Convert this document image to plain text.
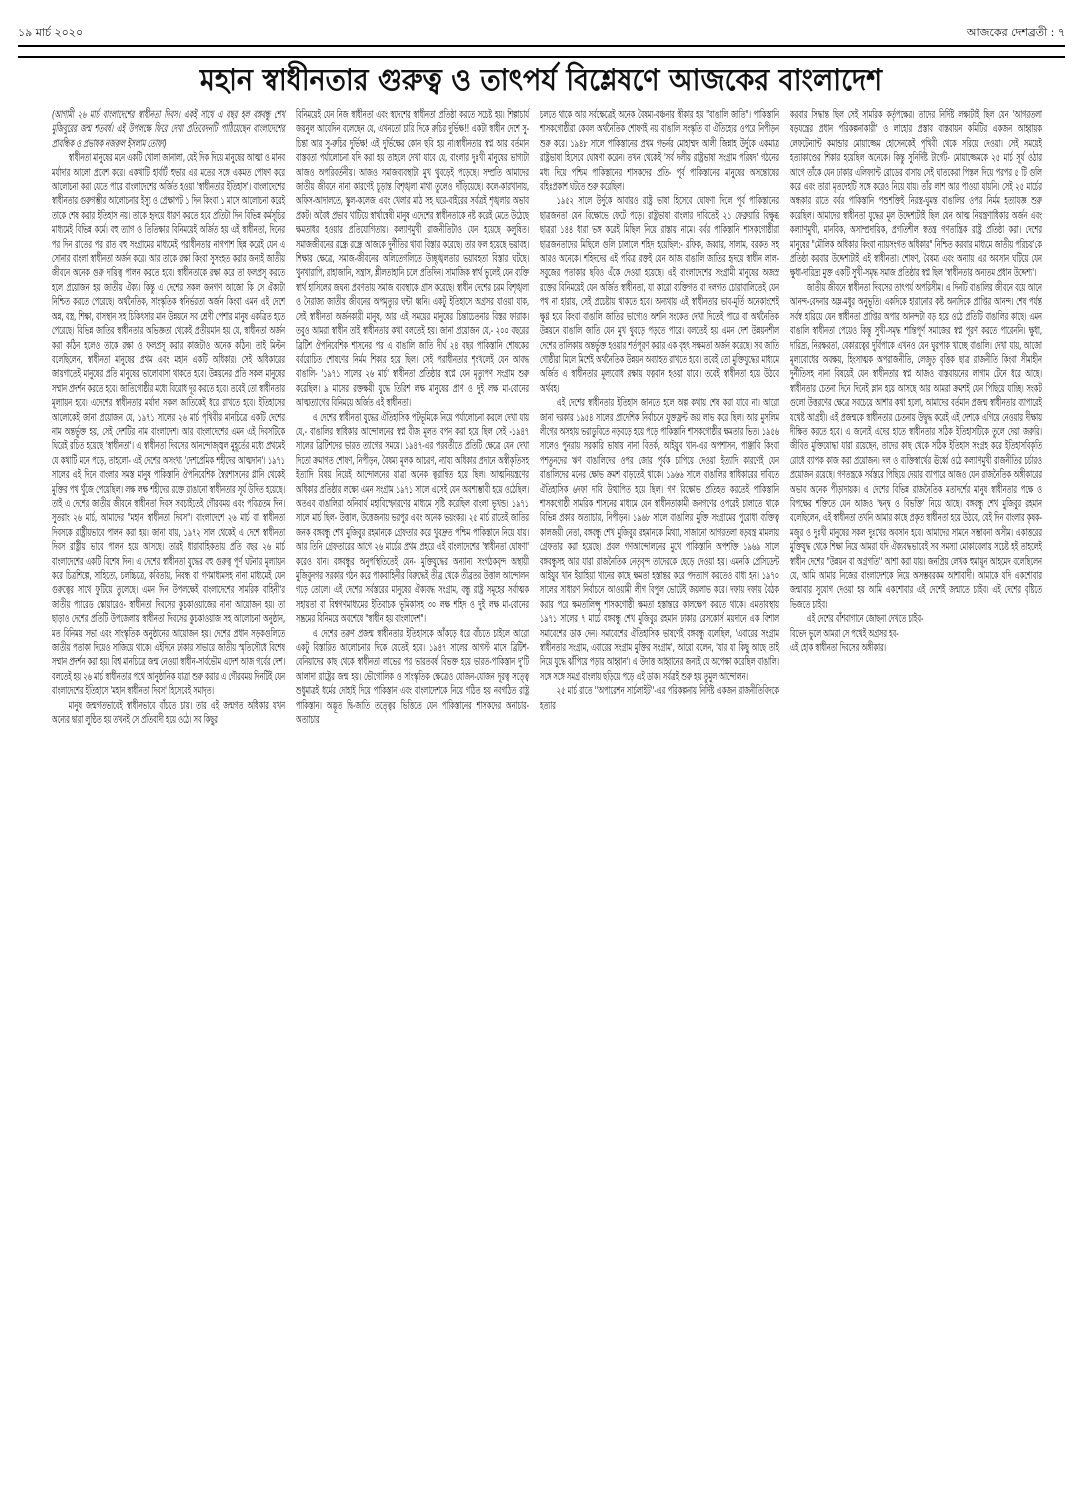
১৯ মার্চ ২০২০	আজকের দেশব্রতী : ৭
মহান স্বাধীনতার গুরুত্ব ও তাৎপর্য বিশ্লেষণে আজকের বাংলাদেশ

(আগামী ২৬ মার্চ বাংলাদেশের স্বাধীনতা দিবস। একই সাথে এ বছর হল বঙ্গবন্ধু শেখ মুজিবুরের জন্ম শতবর্ষ। এই উপলক্ষে ফিরে দেখা প্রতিবেদনটি পাঠিয়েছেন বাংলাদেশের প্রাবন্ধিক ও প্রভাষক নজরুল ইসলাম তোফা)

স্বাধীনতা মানুষের মনে একটি খোলা জানালা, যেই দিক দিয়ে মানুষের আত্মা ও মানব মর্যাদার আলো প্রবেশ করে। একথাটি হার্বার্ট হুভার এর মতের সঙ্গে একমত পোষণ করে আলোচনা করা যেতে পারে বাংলাদেশের অর্জিত হওয়া 'স্বাধীনতার ইতিহাস'। বাংলাদেশের স্বাধীনতার গুরুগম্ভীর আলোচনার ইস্যু ও প্রেক্ষাপট ১ দিন কিংবা ১ মাসে আলোচনা করেই তাকে শেষ করার ইতিহাস নয়। তাকে হৃদয়ে ধারণ করতে হবে প্রতিটা দিন বিভিন্ন কর্মসূচির মাধ্যমেই বিভিন্ন কর্মে। বহু ত্যাগ ও তিতিক্ষার বিনিময়েই অর্জিত হয় এই স্বাধীনতা, দিনের পর দিন রাতের পর রাত বহু সংগ্রামের মাধ্যমেই পরাধীনতার নাগপাশ ছিন্ন করেই যেন এ সোনার বাংলা স্বাধীনতা অর্জন করে। আর তাকে রক্ষা কিংবা সুসংহত করার জন্যই জাতীয় জীবনে অনেক গুরু দায়িত্ব পালন করতে হবে। স্বাধীনতাকে রক্ষা করে তা ফলপ্রসূ করতে হলে প্রয়োজন হয় জাতীয় ঐক্য। কিন্তু এ দেশের সকল জনগণ আজো কি সে ঐক্যটা নিশ্চিত করতে পেরেছে। অর্থনৈতিক, সাংস্কৃতিক স্বনির্ভরতা অর্জন কিংবা এমন এই দেশে অন্ন, বস্ত্র, শিক্ষা, বাসস্থান সহ চিকিৎসার মান উন্নয়নে সব শ্রেণী পেশার মানুষ একত্রিত হতে পেরেছে। বিভিন্ন জাতির স্বাধীনতার অভিজ্ঞতা থেকেই প্রতীয়মান হয় যে, স্বাধীনতা অর্জন করা কঠিন হলেও তাকে রক্ষা ও ফলপ্রসূ করার কাজটাও অনেক কঠিন। তাই মিল্টন বলেছিলেন, স্বাধীনতা মানুষের প্রথম এবং মহান একটি অধিকার। সেই অধিকারের জায়গাতেই মানুষের প্রতি মানুষের ভালোবাসা থাকতে হবে। উন্নয়নের প্রতি সকল মানুষের সম্মান প্রদর্শন করতে হবে। জাতিগোষ্ঠীর মধ্যে বিরোধ দূর করতে হবে। তবেই তো স্বাধীনতার মূল্যায়ন হবে। এদেশের স্বাধীনতার মর্যাদা সকল জাতিকেই ধরে রাখতে হবে। ইতিহাসের আলোকেই জানা প্রয়োজন যে, ১৯৭১ সালের ২৬ মার্চ পৃথিবীর মানচিত্রে একটি দেশের নাম অন্তর্ভুক্ত হয়, সেই দেশটির নাম বাংলাদেশ। আর বাংলাদেশের এমন এই দিবসটিকে ঘিরেই রচিত হয়েছে 'স্বাধীনতা'। এ স্বাধীনতা দিবসের আনন্দোজ্জ্বল মুহূর্তের মধ্যে প্রথমেই যে কথাটি মনে পড়ে, তাহলো- এই দেশের অসংখ্য 'দেশপ্রেমিক শহীদের আত্মদান'। ১৯৭১ সালের এই দিনে বাংলার সমস্ত মানুষ পাকিস্তানি ঔপনিবেশিক স্বৈরশাসনের গ্লানি থেকেই মুক্তির পথ খুঁজে পেয়েছিল। লক্ষ লক্ষ শহীদের রক্তে রাঙানো স্বাধীনতার সূর্য উদিত হয়েছে। তাই এ দেশের জাতীয় জীবনে স্বাধীনতা দিবস সবচাইতেই গৌরবময় এবং পবিত্রতম দিন। সুতরাং ২৬ মার্চ, আমাদের "মহান স্বাধীনতা দিবস"। বাংলাদেশে ২৬ মার্চ বা স্বাধীনতা দিবসকে রাষ্ট্রীয়ভাবে পালন করা হয়। জানা যায়, ১৯৭২ সাল থেকেই এ দেশে স্বাধীনতা দিবস রাষ্ট্রীয় ভাবে পালন হয়ে আসছে। তারই ধারাবাহিকতায় প্রতি বছর ২৬ মার্চ বাংলাদেশের একটি বিশেষ দিন। এ দেশের স্বাধীনতা যুদ্ধের বহু গুরুত্ব পূর্ণ ঘটনার মূল্যায়ন করে চিত্রশিল্পে, সাহিত্যে, চলচ্চিত্রে, কবিতায়, নিবন্ধ বা গণমাধ্যমসহ নানা মাধ্যমেই যেন গুরুত্বের সাথে ফুটিয়ে তুলেছে। এমন দিন উপলক্ষেই বাংলাদেশের সামরিক বাহিনী'র জাতীয় প্যারেড স্কোয়ারেও- স্বাধীনতা দিবসের কুচকাওয়াজের নানা আয়োজন হয়। তা ছাড়াও দেশের প্রতিটি উপজেলায় স্বাধীনতা দিবসের কুচকাওয়াজ সহ আলোচনা অনুষ্ঠান, মত বিনিময় সভা এবং সাংস্কৃতিক অনুষ্ঠানের আয়োজন হয়। দেশের প্রধান সড়কগুলিতে জাতীয় পতাকা দিয়েও সাজিয়ে থাকে। এইদিনে ঢাকার সাভারে জাতীয় স্মৃতিসৌধে বিশেষ সম্মান প্রদর্শন করা হয়। বিশ্ব মানচিত্রে জন্ম নেওয়া স্বাধীন-সার্বভৌম এদেশ আজ গর্বের দেশ। বলতেই হয় ২৬ মার্চ স্বাধীনতার পথে আনুষ্ঠানিক যাত্রা শুরু করার এ গৌরবময় দিনটিই যেন বাংলাদেশের ইতিহাসে 'মহান স্বাধীনতা দিবস' হিসেবেই সমাদৃত।

মানুষ জন্মগতভাবেই স্বাধীনভাবে বাঁচতে চায়। তার এই জন্মগত অধিকার যখন অন্যের দ্বারা লুণ্ঠিত হয় তখনই সে প্রতিবাদী হয়ে ওঠে। সব কিছুর

বিনিময়েই যেন নিজ স্বাধীনতা এবং স্বদেশের স্বাধীনতা প্রতিষ্ঠা করতে সচেষ্ট হয়। শিল্পাচার্য জয়নুল আবেদিন বলেছেন যে, এখনতো চারি দিকে রুচির দুর্ভিক্ষ!! একটা স্বাধীন দেশে সু-চিন্তা আর সু-রুচির দুর্ভিক্ষ! এই দুর্ভিক্ষের কোন ছবি হয় না।স্বাধীনতার স্বপ্ন আর বর্তমান বাস্তবতা পর্যালোচনা যদি করা হয় তাহলে দেখা যাবে যে, বাংলার দুঃখী মানুষের ভাগ্যটা আজও অপরিবর্তনীয়। আজও সমাজব্যবস্থাটা মুখ থুবড়েই পড়েছে। সম্প্রতি আমাদের জাতীয় জীবনে নানা কারণেই চূড়ান্ত বিশৃঙ্খলা মাথা তুলেও দাঁড়িয়েছে। কলে-কারখানায়, অফিস-আদালতে, স্কুল-কলেজ এবং খেলার মাঠ সহ ঘরে-বাইরের সর্বত্রই শৃঙ্খলার অভাব প্রকট। অবৈধ প্রভাব খাটিয়ে স্বার্থান্বেষী মানুষ এদেশের স্বাধীনতাকে নষ্ট করেই মেতে উঠেছে ক্ষমতাধর হওয়ার প্রতিযোগিতায়। কল্যাণমুখী রাজনীতিটাও যেন হয়েছে কলুষিত। সমাজজীবনের রন্ধ্রে রন্ধ্রে আজকে দুর্নীতির থাবা বিস্তার করেছে। তার ফল হয়েছে ভয়াবহ। শিক্ষার ক্ষেত্রে, সমাজ-জীবনের অলিতেগলিতে উচ্ছৃঙ্খলতার ভয়াবহতা বিস্তার ঘটছে। খুনখারাপি, রাহাজানি, সন্ত্রাস, শ্লীলতাহানি চলে প্রতিদিন। সামাজিক স্বার্থ ভুলেই যেন ব্যক্তি স্বার্থ হাসিলের জঘন্য প্রবণতায় সমাজ ব্যবস্থাকে গ্রাস করেছে। স্বাধীন দেশের চরম বিশৃঙ্খলা ও নৈরাজ্য জাতীয় জীবনের অপমৃত্যুর ঘন্টা ধ্বনি। একটু ইতিহাসে অগ্রসর যাওয়া যাক, সেই স্বাধীনতা অর্জনকারী মানুষ, আর এই সময়ের মানুষের চিন্তাচেতনার বিস্তর ফারাক। তবুও আমরা স্বাধীন তাই স্বাধীনতার কথা বলতেই হয়। জানা প্রয়োজন যে,- ২০০ বছরের ব্রিটিশ ঔপনিবেশিক শাসনের পর এ বাঙালি জাতি দীর্ঘ ২৪ বছর পাকিস্তানি শোষকের বর্বরোচিত শোষণের নির্মম শিকার হয়ে ছিল। সেই পরাধীনতার শৃংখলেই যেন আবদ্ধ বাঙালি- '১৯৭১ সালের ২৬ মার্চ' স্বাধীনতা প্রতিষ্ঠার স্বপ্নে যেন মৃত্যুপণ সংগ্রাম শুরু করেছিল। ৯ মাসের রক্তক্ষয়ী যুদ্ধে তিরিশ লক্ষ মানুষের প্রাণ ও দুই লক্ষ মা-বোনের আত্মত্যাগের বিনিময়ে অর্জিত এই স্বাধীনতা।

এ দেশের স্বাধীনতা যুদ্ধের ঐতিহাসিক পটভূমিকে নিয়ে পর্যালোচনা করলে দেখা যায় যে,- বাঙালির স্বাধিকার আন্দোলনের স্বপ্ন বীজ মূলত বপন করা হয়ে ছিল সেই -১৯৪৭ সালের ব্রিটিশদের ভারত ত্যাগের সময়ে। ১৯৪৭-এর পরবর্তীতে প্রতিটি ক্ষেত্রে যেন দেখা দিতো ক্রমাগত শোষণ, নিপীড়ন, বৈষম্য মূলক আচরণ, ন্যায্য অধিকার প্রদানে অস্বীকৃতিসহ ইত্যাদি বিষয় নিয়েই আন্দোলনের যাত্রা অনেক ত্বরান্বিত হয়ে ছিল। আত্মনিয়ন্ত্রণের অধিকার প্রতিষ্ঠার লক্ষ্যে এমন সংগ্রাম ১৯৭১ সালে এসেই যেন অবশ্যম্ভাবী হয়ে ওঠেছিল। অতএব বাঙালিরা অনিবার্য মহাবিস্ফোরণের মাধ্যমে সৃষ্টি করেছিল বাংলা ভূখন্ড। ১৯৭১ সালে মার্চ ছিল- উত্তাল, উত্তেজনায় ভরপুর এবং অনেক ভয়ংকর। ২৫ মার্চ রাতেই জাতির জনক বঙ্গবন্ধু শেখ মুজিবুর রহমানকে গ্রেফতার করে খুবদ্রুত পশ্চিম পাকিস্তানে নিয়ে যায়। আর তিনি গ্রেফতারের আগে ২৬ মার্চের প্রথম প্রহরে এই বাংলাদেশের 'স্বাধীনতা ঘোষণা' করেও যান। বঙ্গবন্ধুর অনুপস্থিতিতেই যেন- মুক্তিযুদ্ধের অন্যান্য সংগঠকবৃন্দ অস্থায়ী মুজিবুনগর সরকার গঠন করে পাকবাহিনীর বিরুদ্ধেই তীব্র থেকে তীব্রতর উত্তাল আন্দোলন গড়ে তোলে। এই দেশের সর্বস্তরের মানুষের ঐক্যবদ্ধ সংগ্রাম, বন্ধু রাষ্ট্র সমূহের সর্বাত্মক সহায়তা বা বিশ্বগণমাধ্যমের ইতিবাচক ভূমিকাসহ ৩০ লক্ষ শহিদ ও দুই লক্ষ মা-বোনের সম্ভ্রমের বিনিময়ে অবশেষে "স্বাধীন হয় বাংলাদেশ"।

এ দেশের তরুণ প্রজন্ম স্বাধীনতার ইতিহাসকে আঁকড়ে ধরে বাঁচতে চাইলে আরো একটু বিস্তারিত আলোচনার দিকে যেতেই হবে। ১৯৪৭ সালের আগস্ট মাসে ব্রিটিশ-বেনিয়াদের কাছ থেকে স্বাধীনতা লাভের পর ভারতবর্ষ বিভক্ত হয়ে ভারত-পাকিস্তান দু'টি আলাদা রাষ্ট্রের জন্ম হয়। ভৌগোলিক ও সাংস্কৃতিক ক্ষেত্রেও যোজন-যোজন দূরত্ব সত্ত্বে শুধুমাত্রই ধর্মের দোহাই দিয়ে পাকিস্তান এবং বাংলাদেশকে নিয়ে গঠিত হয় নবগঠিত রাষ্ট্র পাকিস্তান। অদ্ভূত দ্বি-জাতি তত্ত্বের ভিত্তিতে যেন পাকিস্তানের শাসকদের অনাচার-অত্যাচার

চলতে থাকে আর সর্বক্ষেত্রেই অনেক বৈষম্য-বঞ্চনার স্বীকার হয় "বাঙালি জাতি"। পাকিস্তানি শাসকগোষ্ঠীরা কেবল অর্থনৈতিক শোষণই নয় বাঙালি সংস্কৃতি বা ঐতিহ্যের ওপরে নিপীড়ন শুরু করে। ১৯৪৮ সালে পাকিস্তানের প্রথম গভর্নর মোহাম্মদ আলী জিন্নাহ উর্দুকে একমাত্র রাষ্ট্রভাষা হিসেবে ঘোষণা করেন। তখন থেকেই 'সর্ব দলীয় রাষ্ট্রভাষা সংগ্রাম পরিষদ' গঠনের মধ্য দিয়ে পশ্চিম পাকিস্তানের শাসকদের প্রতি- পূর্ব পাকিস্তানের মানুষের অসন্তোষের বহিঃপ্রকাশ ঘটতে শুরু করেছিল।

১৯৫২ সালে উর্দুকে আবারও রাষ্ট্র ভাষা হিসেবে ঘোষণা দিলে পূর্ব পাকিস্তানের ছাত্রজনতা যেন বিক্ষোভে ফেটে পড়ে। রাষ্ট্রভাষা বাংলার দাবিতেই ২১ ফেব্রুয়ারি বিক্ষুব্ধ ছাত্ররা ১৪৪ ধারা ভঙ্গ করেই মিছিল নিয়ে রাস্তায় নামে। বর্বর পাকিস্তানি শাসকগোষ্ঠীরা ছাত্রজনতাদের মিছিলে গুলি চালালে শহিদ হয়েছিল:- রফিক, জব্বার, সালাম, বরকত সহ আরও অনেকে। শহিদদের এই পবিত্র রক্তই যেন আজ বাঙালি জাতির হৃদয়ে স্বাধীন লাল-সবুজের পতাকার ছবিও এঁকে দেওয়া হয়েছে। এই বাংলাদেশের সংগ্রামী মানুষের অজস্র রক্তের বিনিময়েই যেন অর্জিত স্বাধীনতা, যা কারো ব্যক্তিগত বা দলগত চোরাবালিতেই যেন পথ না হারায়, সেই প্রচেষ্টায় থাকতে হবে। অন্যথায় এই স্বাধীনতার ভাব-মূর্তি অনেকাংশেই ক্ষুণ্ণ হবে কিংবা বাঙালি জাতির ভাগ্যেও অশনি সংকেত দেখা দিতেই পারে বা অর্থনৈতিক উন্নয়নে বাঙালি জাতি যেন মুখ থুবড়ে পড়তে পারে। বলতেই হয় এমন দেশ উন্নয়নশীল দেশের তালিকায় অন্তর্ভুক্ত হওয়ার শর্তপূরণ করার এক বৃহৎ সক্ষমতা অর্জন করেছে। সব জাতি গোষ্ঠীরা মিলে মিশেই অর্থনৈতিক উন্নয়ন অব্যাহত রাখতে হবে। তবেই তো মুক্তিযুদ্ধের মাধ্যমে অর্জিত এ স্বাধীনতার মূল্যবোধ রক্ষায় যত্নবান হওয়া যাবে। তবেই স্বাধীনতা হয়ে উঠবে অর্থবহ।

এই দেশের স্বাধীনতার ইতিহাস জানতে হলে অল্প কথায় শেষ করা যাবে না। আরো জানা দরকার ১৯৫৪ সালের প্রাদেশিক নির্বাচনে যুক্তফ্রন্ট জয় লাভ করে ছিল। আর মুসলিম লীগের অসহায় ভরাডুবিতে নড়বড়ে হয়ে পড়ে পাকিস্তানি শাসকগোষ্ঠীর ক্ষমতার ভিত। ১৯৫৬ সালেও পুনরায় সরকারি ভাষায় নানা বিতর্ক, আইয়ুব খান-এর অপশাসন, পাঞ্জাবি কিংবা পশতুনদের ঋণ বাঙালিদের ওপর জোর পূর্বক চাপিয়ে দেওয়া ইত্যাদি কারণেই যেন বাঙালিদের মনের ক্ষোভ ক্রমশ বাড়তেই থাকে। ১৯৬৬ সালে বাঙালির স্বাধিকারের দাবিতে ঐতিহাসিক ৬দফা দাবি উত্থাপিত হয়ে ছিল। গণ বিক্ষোভ প্রতিহত করতেই পাকিস্তানি শাসকগোষ্ঠী সামরিক শাসনের মাধ্যমে যেন স্বাধীনতাকামী জনগণের ওপরেই চালাতে থাকে বিভিন্ন প্রকার অত্যাচার, নিপীড়ন। ১৯৬৮ সালে বাঙালির মুক্তি সংগ্রামের পুরোধা ব্যক্তিত্ব কালজয়ী নেতা, বঙ্গবন্ধু শেখ মুজিবুর রহমানকে মিথ্যা, সাজানো আগরতলা ষড়যন্ত্র মামলায় গ্রেফতার করা হয়েছে। প্রবল গণআন্দোলনের মুখে পাকিস্তানি অপশক্তি ১৯৬৯ সালে বঙ্গবন্ধুসহ আর যারা রাজনৈতিক নেতৃবৃন্দ তাদেরকে ছেড়ে দেওয়া হয়। এমনকি প্রেসিডেন্ট আইয়ুব খান ইয়াহিয়া খানের কাছে ক্ষমতা হস্তান্তর করে পদত্যাগ করতেও বাধ্য হন। ১৯৭০ সালের সাধারণ নির্বাচনে আওয়ামী লীগ বিপুল ভোটেই জয়লাভ করে। দফায় দফায় বৈঠক করার পরে ক্ষমতালিপ্সু শাসকগোষ্ঠী ক্ষমতা হস্তান্তরে কালক্ষেপ করতে থাকে। এমতাবস্থায় ১৯৭১ সালের ৭ মার্চে বঙ্গবন্ধু শেখ মুজিবুর রহমান ঢাকার রেসকোর্স ময়দানে এক বিশাল সমাবেশের ডাক দেন। সমাবেশের ঐতিহাসিক ভাষণেই বঙ্গবন্ধু বলেছিল, 'এবারের সংগ্রাম স্বাধীনতার সংগ্রাম, এবারের সংগ্রাম মুক্তির সংগ্রাম', আরো বলেন, 'যার যা কিছু আছে তাই নিয়ে যুদ্ধে ঝাঁপিয়ে পড়ার আহ্বান'। এ উদাত্ত আহ্বানের জন্যই যে অপেক্ষা করেছিল বাঙালি। সঙ্গে সঙ্গে সমগ্র বাংলায় ছড়িয়ে পড়ে এই ডাক। সর্বত্রই শুরু হয় তুমুল আন্দোলন।

২৫ মার্চ রাতে ''অপারেশন সার্চলাইট''-এর পরিকল্পনায় নির্দিষ্ট একজন রাজনীতিবিদকে হত্যার

করবার সিদ্ধান্ত ছিল সেই সামরিক কর্তৃপক্ষের। তাদের নির্দিষ্ট লক্ষ্যটাই ছিল যেন 'আগরতলা ষড়যন্ত্রের প্রধান পরিকল্পনাকারী' ও লাহোর প্রস্তাব বাস্তবায়ন কমিটির একজন আহ্বায়ক লেফটেন্যান্ট কমান্ডার মোয়াজ্জেম হোসেনকেই পৃথিবী থেকে সরিয়ে দেওয়া। সেই সময়েই হত্যাকাণ্ডের শিকার হয়েছিল অনেকে। কিন্তু সুনির্দিষ্ট টার্গেট- মোয়াজ্জেমকে ২৫ মার্চ সূর্য ওঠার আগে তাঁকে যেন ঢাকার এলিফ্যান্ট রোডের বাসায় সেই ঘাতকেরা পিস্তল দিয়ে পরপর ৫ টি গুলি করে এবং তারা মৃতদেহটি সঙ্গে করেও নিয়ে যায়। তাঁর লাশ আর পাওয়া যায়নি। সেই ২৫ মার্চের অন্ধকার রাতে বর্বর পাকিস্তানি পশুশক্তিই নিরস্ত্র-ঘুমন্ত বাঙালির ওপর নির্মম হত্যাযজ্ঞ শুরু করেছিল। আমাদের স্বাধীনতা যুদ্ধের মূল উদ্দেশ্যটাই ছিল যেন আত্ম নিয়ন্ত্রণাধিকার অর্জন এবং কল্যাণমুখী, মানবিক, অসাম্প্রদায়িক, প্রগতিশীল স্বতন্ত্র গণতান্ত্রিক রাষ্ট্র প্রতিষ্ঠা করা। দেশের মানুষের "মৌলিক অধিকার কিংবা ন্যায়সংগত অধিকার" নিশ্চিত করবার মাধ্যমে জাতীয় পরিচয়'কে প্রতিষ্ঠা করবার উদ্দেশ্যটাই এই স্বাধীনতা। শোষণ, বৈষম্য এবং অন্যায় এর অবসান ঘটিয়ে যেন ক্ষুধা-দারিদ্র্য মুক্ত একটি সুখী-সমৃদ্ধ সমাজ প্রতিষ্ঠার স্বপ্ন ছিল 'স্বাধীনতার অন্যতম প্রধান উদ্দেশ্য'।

জাতীয় জীবনে স্বাধীনতা দিবসের তাৎপর্য অপরিসীম। এ দিনটি বাঙালির জীবনে বয়ে আনে আনন্দ-বেদনার অম্ল-মধুর অনুভূতি। একদিকে হারানোর কষ্ট অন্যদিকে প্রাপ্তির আনন্দ। শেষ পর্যন্ত সর্বস্ব হারিয়ে যেন স্বাধীনতা প্রাপ্তির অপার আনন্দটা বড় হয়ে ওঠে প্রতিটি বাঙালির কাছে। এমন বাঙালি স্বাধীনতা পেয়েও কিন্তু সুখী-সমৃদ্ধ শান্তিপূর্ণ সমাজের স্বপ্ন পূরণ করতে পারেননি। ক্ষুধা, দারিদ্র্য, নিরক্ষরতা, বেকারত্বের দুর্বিপাকে এখনও যেন ঘুরপাক খাচ্ছে বাঙালি। দেখা যায়, আজো মূল্যবোধের অবক্ষয়, হিংসাত্মক অপরাজনীতি, লেজুড় বৃত্তিক ছাত্র রাজনীতি কিংবা সীমাহীন দুর্নীতিসহ নানা বিষয়েই যেন স্বাধীনতার স্বপ্ন আজও বাস্তবায়নের লাগাম টেনে ধরে আছে। স্বাধীনতার চেতনা দিনে দিনেই ম্লান হয়ে আসছে আর আমরা ক্রমশই যেন পিছিয়ে যাচ্ছি। সংকট গুলো উত্তরণের ক্ষেত্রে সবচেয়ে আশার কথা হলো, আমাদের বর্তমান প্রজন্ম স্বাধীনতার ব্যাপারেই যথেষ্ট আগ্রহী। এই প্রজন্মকে স্বাধীনতার চেতনায় উদ্বুদ্ধ করেই এই দেশকে এগিয়ে নেওয়ার দীক্ষায় দীক্ষিত করতে হবে। এ জন্যেই এদের হাতে স্বাধীনতার সঠিক ইতিহাসটিকে তুলে দেয়া জরুরি। জীবিত মুক্তিযোদ্ধা যারা রয়েছেন, তাদের কাছ থেকে সঠিক ইতিহাস সংগ্রহ করে ইতিহাসবিকৃতি রোধে ব্যাপক কাজ করা প্রয়োজন। দল ও ব্যক্তিস্বার্থের ঊর্ধ্বে ওঠে কল্যাণমুখী রাজনীতির চর্চারও প্রয়োজন রয়েছে। গণতন্ত্রকে সর্বস্তরে পিছিয়ে দেয়ার ব্যাপারে আজও যেন রাজনৈতিক অঙ্গীকারের অভাব অনেক পীড়াদায়ক। এ দেশের বিভিন্ন রাজনৈতিক মতাদর্শের মানুষ স্বাধীনতার পক্ষে ও বিপক্ষের শক্তিতে যেন আজও 'দ্বন্দ্ব ও বিভক্তি' নিয়ে আছে। বঙ্গবন্ধু শেখ মুজিবুর রহমান বলেছিলেন, এই স্বাধীনতা তখনি আমার কাছে প্রকৃত স্বাধীনতা হয়ে উঠবে, যেই দিন বাংলার কৃষক-মজুর ও দুঃখী মানুষের সকল দুঃখের অবসান হবে। আমাদের সামনে সম্ভাবনা অসীম। একাত্তরের মুক্তিযুদ্ধ থেকে শিক্ষা নিয়ে আমরা যদি ঐক্যবদ্ধভাবেই সব সমস্যা মোকাবেলায় সচেষ্ট হই তাহলেই স্বাধীন দেশের "উন্নয়ন বা অগ্রগতি'' আশা করা যায়। জনপ্রিয় লেখক হুমায়ূন আহমেদ বলেছিলেন যে, আমি আমার নিজের বাংলাদেশকে নিয়ে অসম্ভবরকম আশাবাদী। আমাকে যদি একশোবার জন্মাবার সুযোগ দেওয়া হয় আমি একশোবার এই দেশেই জন্মাতে চাইব। এই দেশের বৃষ্টিতে ভিজতে চাইব।

এই দেশের বাঁশবাগানে জোছনা দেখতে চাইব-

বিভেদ ভুলে আমরা সে পথেই অগ্রসর হব-

এই হোক স্বাধীনতা দিবসের অঙ্গীকার।
